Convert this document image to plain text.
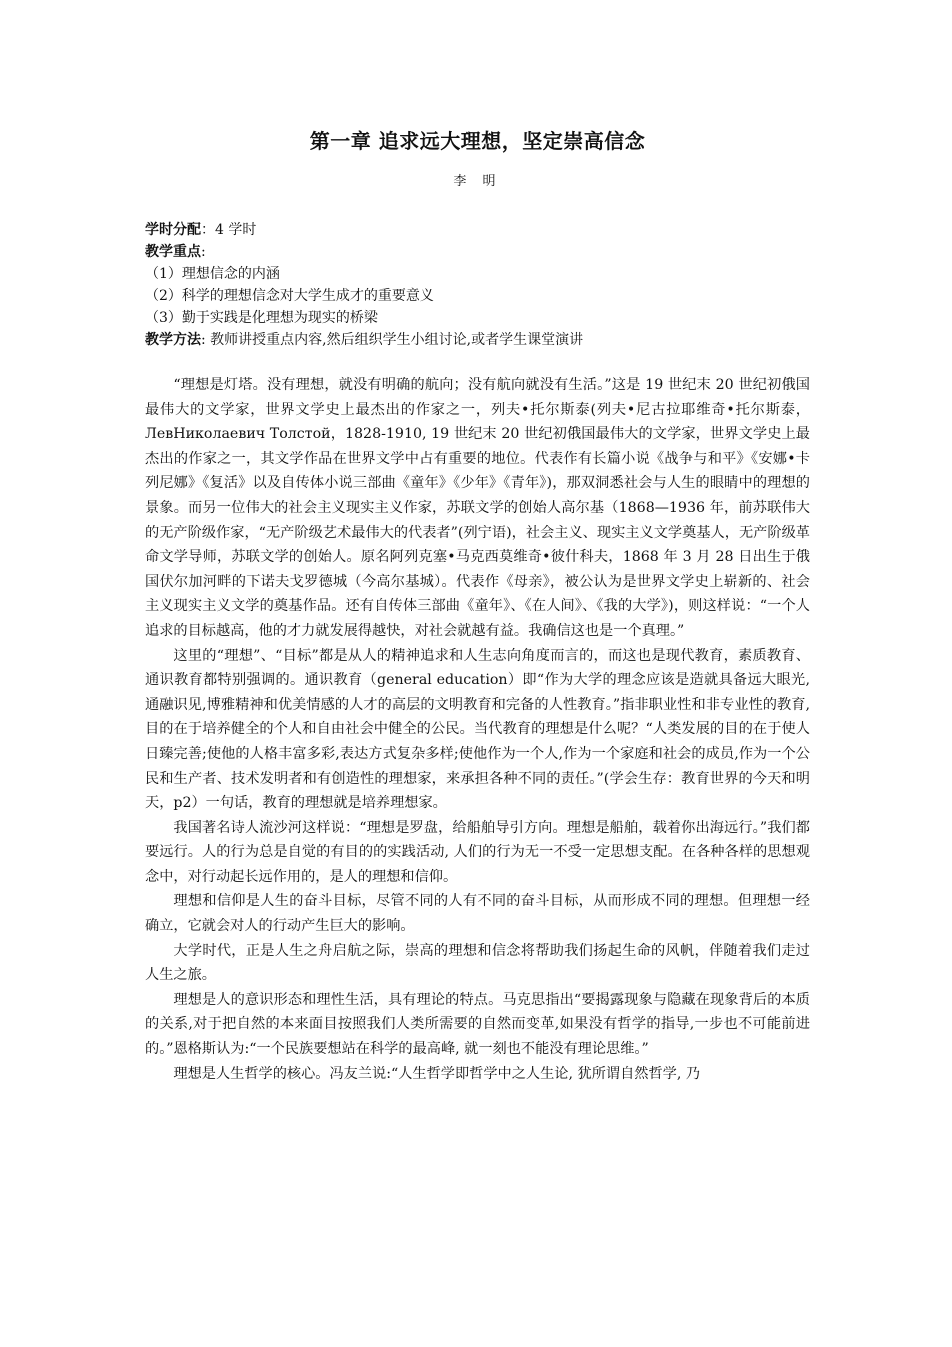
第一章 追求远大理想，坚定崇高信念
李 明
学时分配：4 学时
教学重点:
（1）理想信念的内涵
（2）科学的理想信念对大学生成才的重要意义
（3）勤于实践是化理想为现实的桥梁
教学方法: 教师讲授重点内容,然后组织学生小组讨论,或者学生课堂演讲

“理想是灯塔。没有理想，就没有明确的航向；没有航向就没有生活。”这是 19 世纪末 20 世纪初俄国最伟大的文学家，世界文学史上最杰出的作家之一，列夫•托尔斯泰(列夫•尼古拉耶维奇•托尔斯泰，ЛевНиколаевич Толстой，1828-1910, 19 世纪末 20 世纪初俄国最伟大的文学家，世界文学史上最杰出的作家之一，其文学作品在世界文学中占有重要的地位。代表作有长篇小说《战争与和平》《安娜•卡列尼娜》《复活》以及自传体小说三部曲《童年》《少年》《青年》)，那双洞悉社会与人生的眼睛中的理想的景象。而另一位伟大的社会主义现实主义作家，苏联文学的创始人高尔基（1868—1936 年，前苏联伟大的无产阶级作家，“无产阶级艺术最伟大的代表者”(列宁语)，社会主义、现实主义文学奠基人，无产阶级革命文学导师，苏联文学的创始人。原名阿列克塞•马克西莫维奇•彼什科夫，1868 年 3 月 28 日出生于俄国伏尔加河畔的下诺夫戈罗德城（今高尔基城）。代表作《母亲》，被公认为是世界文学史上崭新的、社会主义现实主义文学的奠基作品。还有自传体三部曲《童年》、《在人间》、《我的大学》)，则这样说：“一个人追求的目标越高，他的才力就发展得越快，对社会就越有益。我确信这也是一个真理。”

这里的“理想”、“目标”都是从人的精神追求和人生志向角度而言的，而这也是现代教育，素质教育、通识教育都特别强调的。通识教育（general education）即“作为大学的理念应该是造就具备远大眼光,通融识见,博雅精神和优美情感的人才的高层的文明教育和完备的人性教育。”指非职业性和非专业性的教育,目的在于培养健全的个人和自由社会中健全的公民。当代教育的理想是什么呢？“人类发展的目的在于使人日臻完善;使他的人格丰富多彩,表达方式复杂多样;使他作为一个人,作为一个家庭和社会的成员,作为一个公民和生产者、技术发明者和有创造性的理想家，来承担各种不同的责任。”(学会生存：教育世界的今天和明天，p2）一句话，教育的理想就是培养理想家。

我国著名诗人流沙河这样说：“理想是罗盘，给船舶导引方向。理想是船舶，载着你出海远行。”我们都要远行。人的行为总是自觉的有目的的实践活动, 人们的行为无一不受一定思想支配。在各种各样的思想观念中，对行动起长远作用的，是人的理想和信仰。

理想和信仰是人生的奋斗目标，尽管不同的人有不同的奋斗目标，从而形成不同的理想。但理想一经确立，它就会对人的行动产生巨大的影响。

大学时代，正是人生之舟启航之际，崇高的理想和信念将帮助我们扬起生命的风帆，伴随着我们走过人生之旅。

理想是人的意识形态和理性生活，具有理论的特点。马克思指出“要揭露现象与隐藏在现象背后的本质的关系,对于把自然的本来面目按照我们人类所需要的自然而变革,如果没有哲学的指导,一步也不可能前进的。”恩格斯认为:“一个民族要想站在科学的最高峰, 就一刻也不能没有理论思维。”

理想是人生哲学的核心。冯友兰说:“人生哲学即哲学中之人生论, 犹所谓自然哲学, 乃
